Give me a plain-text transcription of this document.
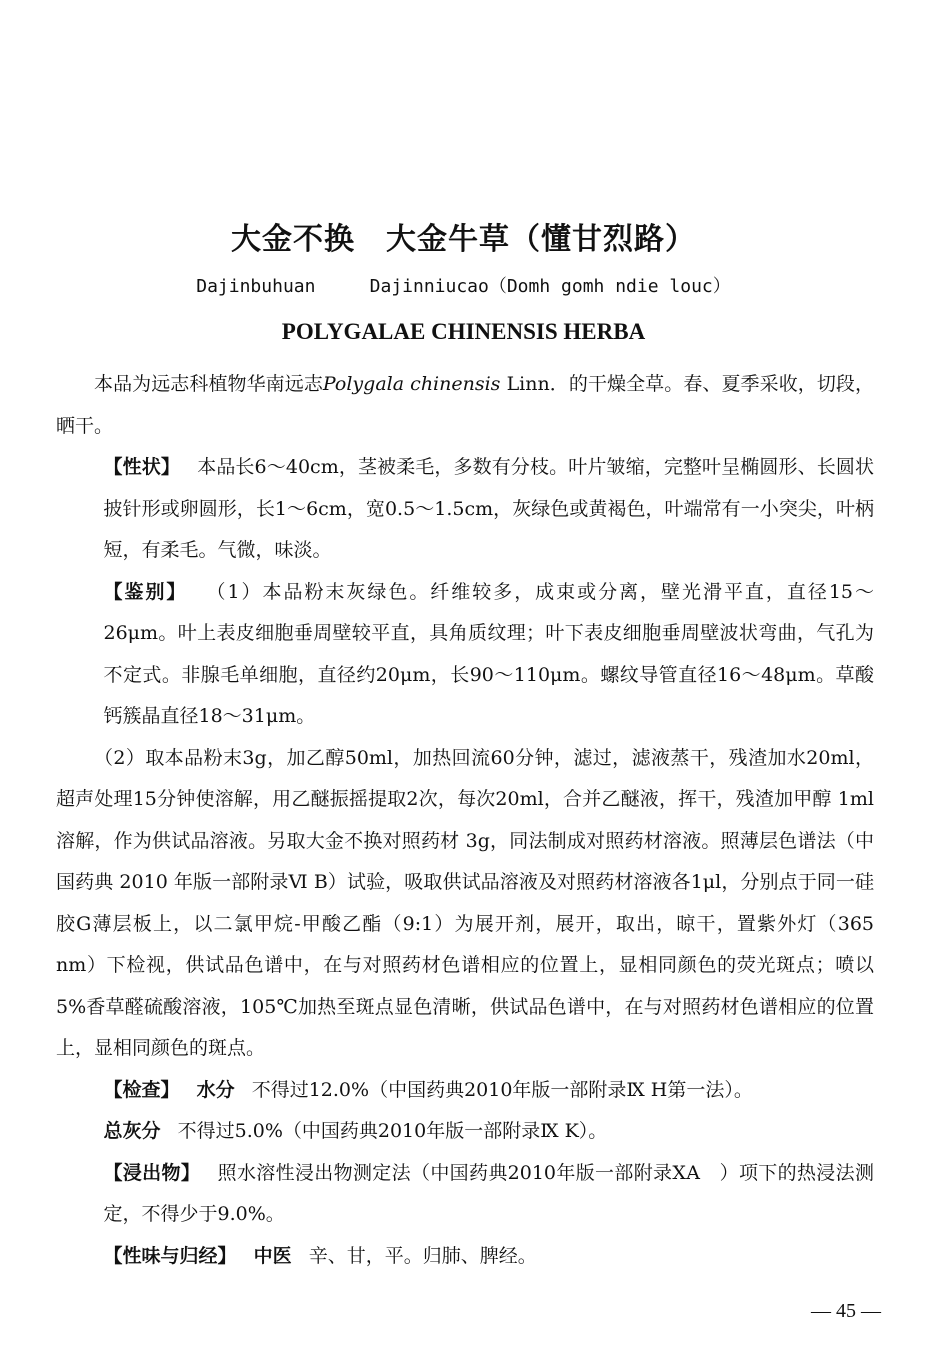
大金不换　大金牛草（懂甘烈路）
Dajinbuhuan     Dajinniucao（Domh gomh ndie louc）
POLYGALAE CHINENSIS HERBA

本品为远志科植物华南远志Polygala chinensis Linn．的干燥全草。春、夏季采收，切段，晒干。

【性状】 本品长6～40cm，茎被柔毛，多数有分枝。叶片皱缩，完整叶呈椭圆形、长圆状披针形或卵圆形，长1～6cm，宽0.5～1.5cm，灰绿色或黄褐色，叶端常有一小突尖，叶柄短，有柔毛。气微，味淡。

【鉴别】 （1）本品粉末灰绿色。纤维较多，成束或分离，壁光滑平直，直径15～26μm。叶上表皮细胞垂周壁较平直，具角质纹理；叶下表皮细胞垂周壁波状弯曲，气孔为不定式。非腺毛单细胞，直径约20μm，长90～110μm。螺纹导管直径16～48μm。草酸钙簇晶直径18～31μm。

（2）取本品粉末3g，加乙醇50ml，加热回流60分钟，滤过，滤液蒸干，残渣加水20ml，超声处理15分钟使溶解，用乙醚振摇提取2次，每次20ml，合并乙醚液，挥干，残渣加甲醇 1ml 溶解，作为供试品溶液。另取大金不换对照药材 3g，同法制成对照药材溶液。照薄层色谱法（中国药典 2010 年版一部附录Ⅵ B）试验，吸取供试品溶液及对照药材溶液各1μl，分别点于同一硅胶G薄层板上，以二氯甲烷-甲酸乙酯（9:1）为展开剂，展开，取出，晾干，置紫外灯（365 nm）下检视，供试品色谱中，在与对照药材色谱相应的位置上，显相同颜色的荧光斑点；喷以5%香草醛硫酸溶液，105℃加热至斑点显色清晰，供试品色谱中，在与对照药材色谱相应的位置上，显相同颜色的斑点。

【检查】 水分 不得过12.0%（中国药典2010年版一部附录Ⅸ H第一法）。

总灰分 不得过5.0%（中国药典2010年版一部附录Ⅸ K）。

【浸出物】 照水溶性浸出物测定法（中国药典2010年版一部附录ⅩA　）项下的热浸法测定，不得少于9.0%。

【性味与归经】 中医 辛、甘，平。归肺、脾经。

— 45 —
